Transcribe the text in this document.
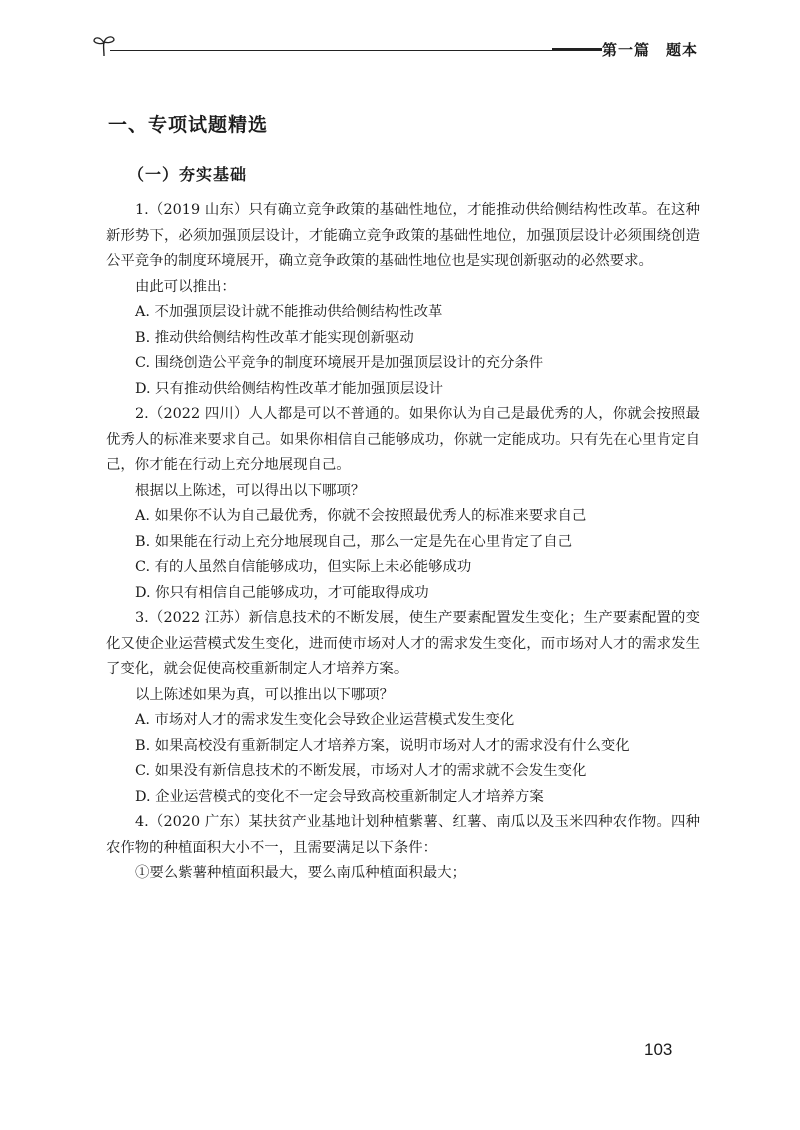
第一篇　题本
一、专项试题精选
（一）夯实基础

1.（2019 山东）只有确立竞争政策的基础性地位，才能推动供给侧结构性改革。在这种新形势下，必须加强顶层设计，才能确立竞争政策的基础性地位，加强顶层设计必须围绕创造公平竞争的制度环境展开，确立竞争政策的基础性地位也是实现创新驱动的必然要求。

由此可以推出：

A. 不加强顶层设计就不能推动供给侧结构性改革

B. 推动供给侧结构性改革才能实现创新驱动

C. 围绕创造公平竞争的制度环境展开是加强顶层设计的充分条件

D. 只有推动供给侧结构性改革才能加强顶层设计

2.（2022 四川）人人都是可以不普通的。如果你认为自己是最优秀的人，你就会按照最优秀人的标准来要求自己。如果你相信自己能够成功，你就一定能成功。只有先在心里肯定自己，你才能在行动上充分地展现自己。

根据以上陈述，可以得出以下哪项？

A. 如果你不认为自己最优秀，你就不会按照最优秀人的标准来要求自己

B. 如果能在行动上充分地展现自己，那么一定是先在心里肯定了自己

C. 有的人虽然自信能够成功，但实际上未必能够成功

D. 你只有相信自己能够成功，才可能取得成功

3.（2022 江苏）新信息技术的不断发展，使生产要素配置发生变化；生产要素配置的变化又使企业运营模式发生变化，进而使市场对人才的需求发生变化，而市场对人才的需求发生了变化，就会促使高校重新制定人才培养方案。

以上陈述如果为真，可以推出以下哪项？

A. 市场对人才的需求发生变化会导致企业运营模式发生变化

B. 如果高校没有重新制定人才培养方案，说明市场对人才的需求没有什么变化

C. 如果没有新信息技术的不断发展，市场对人才的需求就不会发生变化

D. 企业运营模式的变化不一定会导致高校重新制定人才培养方案

4.（2020 广东）某扶贫产业基地计划种植紫薯、红薯、南瓜以及玉米四种农作物。四种农作物的种植面积大小不一，且需要满足以下条件：

①要么紫薯种植面积最大，要么南瓜种植面积最大；

103
